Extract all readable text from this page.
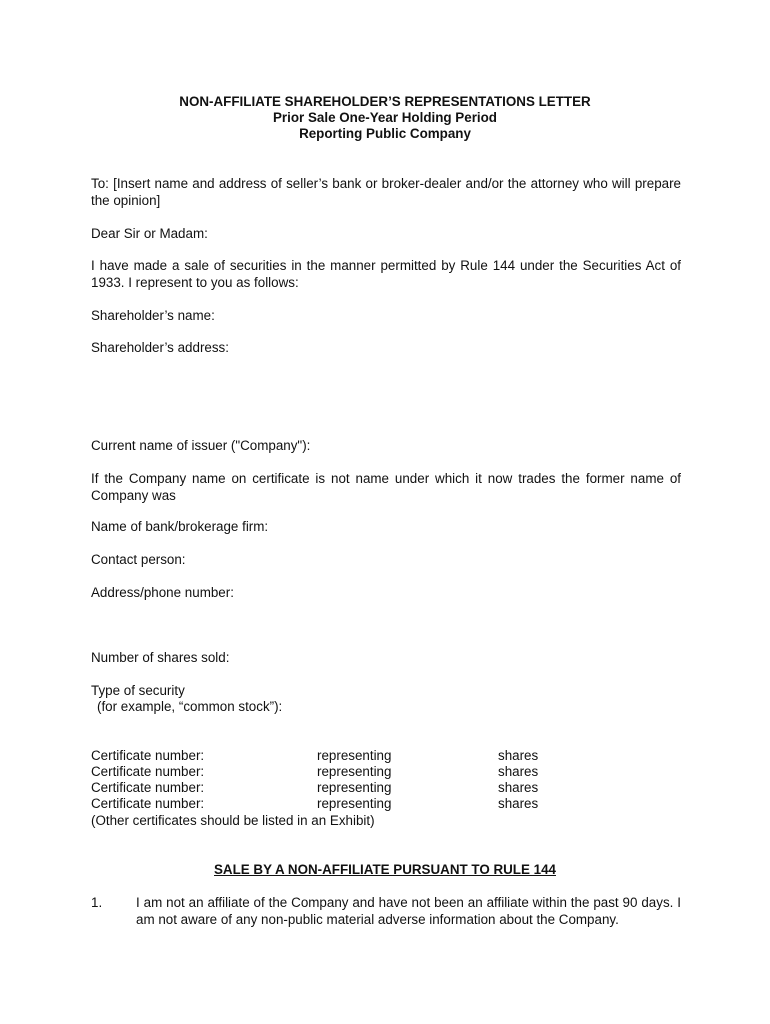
NON-AFFILIATE SHAREHOLDER’S REPRESENTATIONS LETTER
Prior Sale One-Year Holding Period
Reporting Public Company

To: [Insert name and address of seller’s bank or broker-dealer and/or the attorney who will prepare the opinion]

Dear Sir or Madam:

I have made a sale of securities in the manner permitted by Rule 144 under the Securities Act of 1933. I represent to you as follows:

Shareholder’s name:
Shareholder’s address:
Current name of issuer ("Company"):

If the Company name on certificate is not name under which it now trades the former name of Company was

Name of bank/brokerage firm:
Contact person:
Address/phone number:
Number of shares sold:
Type of security
(for example, “common stock”):
Certificate number:	representing	shares
Certificate number:	representing	shares
Certificate number:	representing	shares
Certificate number:	representing	shares
(Other certificates should be listed in an Exhibit)
SALE BY A NON-AFFILIATE PURSUANT TO RULE 144
1.	I am not an affiliate of the Company and have not been an affiliate within the past 90 days. I am not aware of any non-public material adverse information about the Company.
